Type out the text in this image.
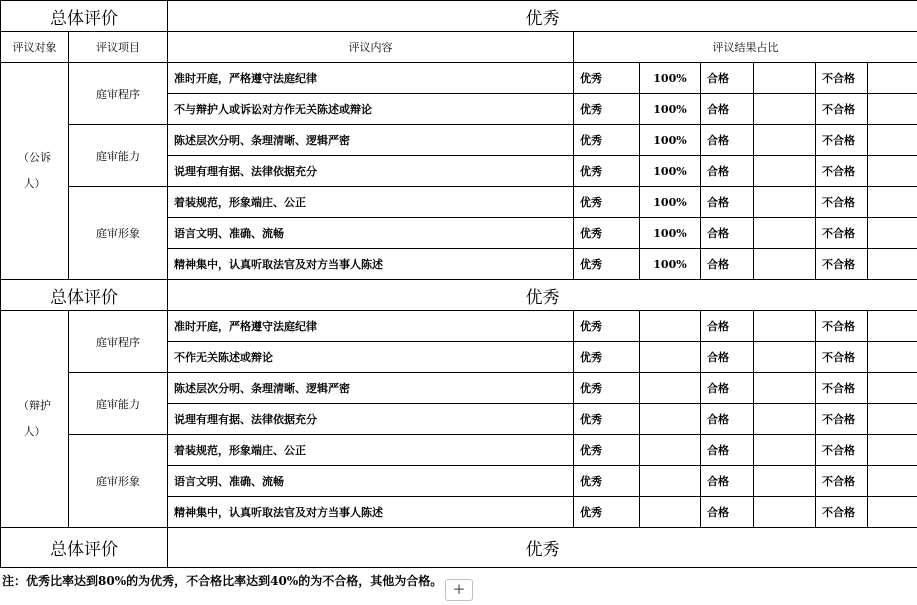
总体评价		优秀						
评议对象	评议项目	评议内容	评议结果占比					

（公诉
人）	庭审程序	准时开庭，严格遵守法庭纪律	优秀	100%	合格		不合格	
		不与辩护人或诉讼对方作无关陈述或辩论	优秀	100%	合格		不合格	
	庭审能力	陈述层次分明、条理清晰、逻辑严密	优秀	100%	合格		不合格	
		说理有理有据、法律依据充分	优秀	100%	合格		不合格	
	庭审形象	着装规范，形象端庄、公正	优秀	100%	合格		不合格	
		语言文明、准确、流畅	优秀	100%	合格		不合格	
		精神集中，认真听取法官及对方当事人陈述	优秀	100%	合格		不合格	
总体评价		优秀						

（辩护
人）	庭审程序	准时开庭，严格遵守法庭纪律	优秀		合格		不合格	
		不作无关陈述或辩论	优秀		合格		不合格	
	庭审能力	陈述层次分明、条理清晰、逻辑严密	优秀		合格		不合格	
		说理有理有据、法律依据充分	优秀		合格		不合格	
	庭审形象	着装规范，形象端庄、公正	优秀		合格		不合格	
		语言文明、准确、流畅	优秀		合格		不合格	
		精神集中，认真听取法官及对方当事人陈述	优秀		合格		不合格	
总体评价		优秀						
注：优秀比率达到80%的为优秀，不合格比率达到40%的为不合格，其他为合格。 +
